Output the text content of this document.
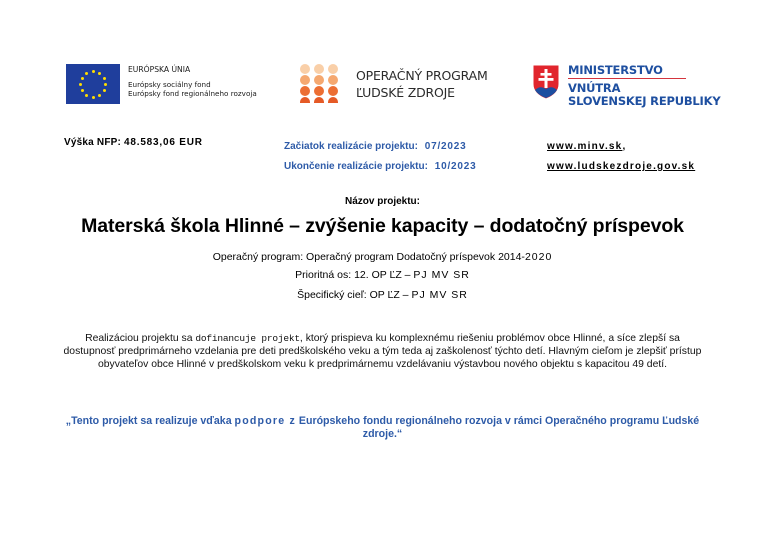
EURÓPSKA ÚNIA
Európsky sociálny fond
Európsky fond regionálneho rozvoja
OPERAČNÝ PROGRAM
ĽUDSKÉ ZDROJE
MINISTERSTVO
VNÚTRA
SLOVENSKEJ REPUBLIKY
Výška NFP: 48.583,06 EUR	Začiatok realizácie projektu: 07/2023
Ukončenie realizácie projektu: 10/2023
www.minv.sk,
www.ludskezdroje.gov.sk
Názov projektu:
Materská škola Hlinné – zvýšenie kapacity – dodatočný príspevok
Operačný program: Operačný program Dodatočný príspevok 2014-2020
Prioritná os: 12. OP ĽZ – PJ MV SR
Špecifický cieľ: OP ĽZ – PJ MV SR
Realizáciou projektu sa dofinancuje projekt, ktorý prispieva ku komplexnému riešeniu problémov obce Hlinné, a síce zlepší sa dostupnosť predprimárneho vzdelania pre deti predškolského veku a tým teda aj zaškolenosť týchto detí. Hlavným cieľom je zlepšiť prístup obyvateľov obce Hlinné v predškolskom veku k predprimárnemu vzdelávaniu výstavbou nového objektu s kapacitou 49 detí.
„Tento projekt sa realizuje vďaka podpore z Európskeho fondu regionálneho rozvoja v rámci Operačného programu Ľudské zdroje.“
